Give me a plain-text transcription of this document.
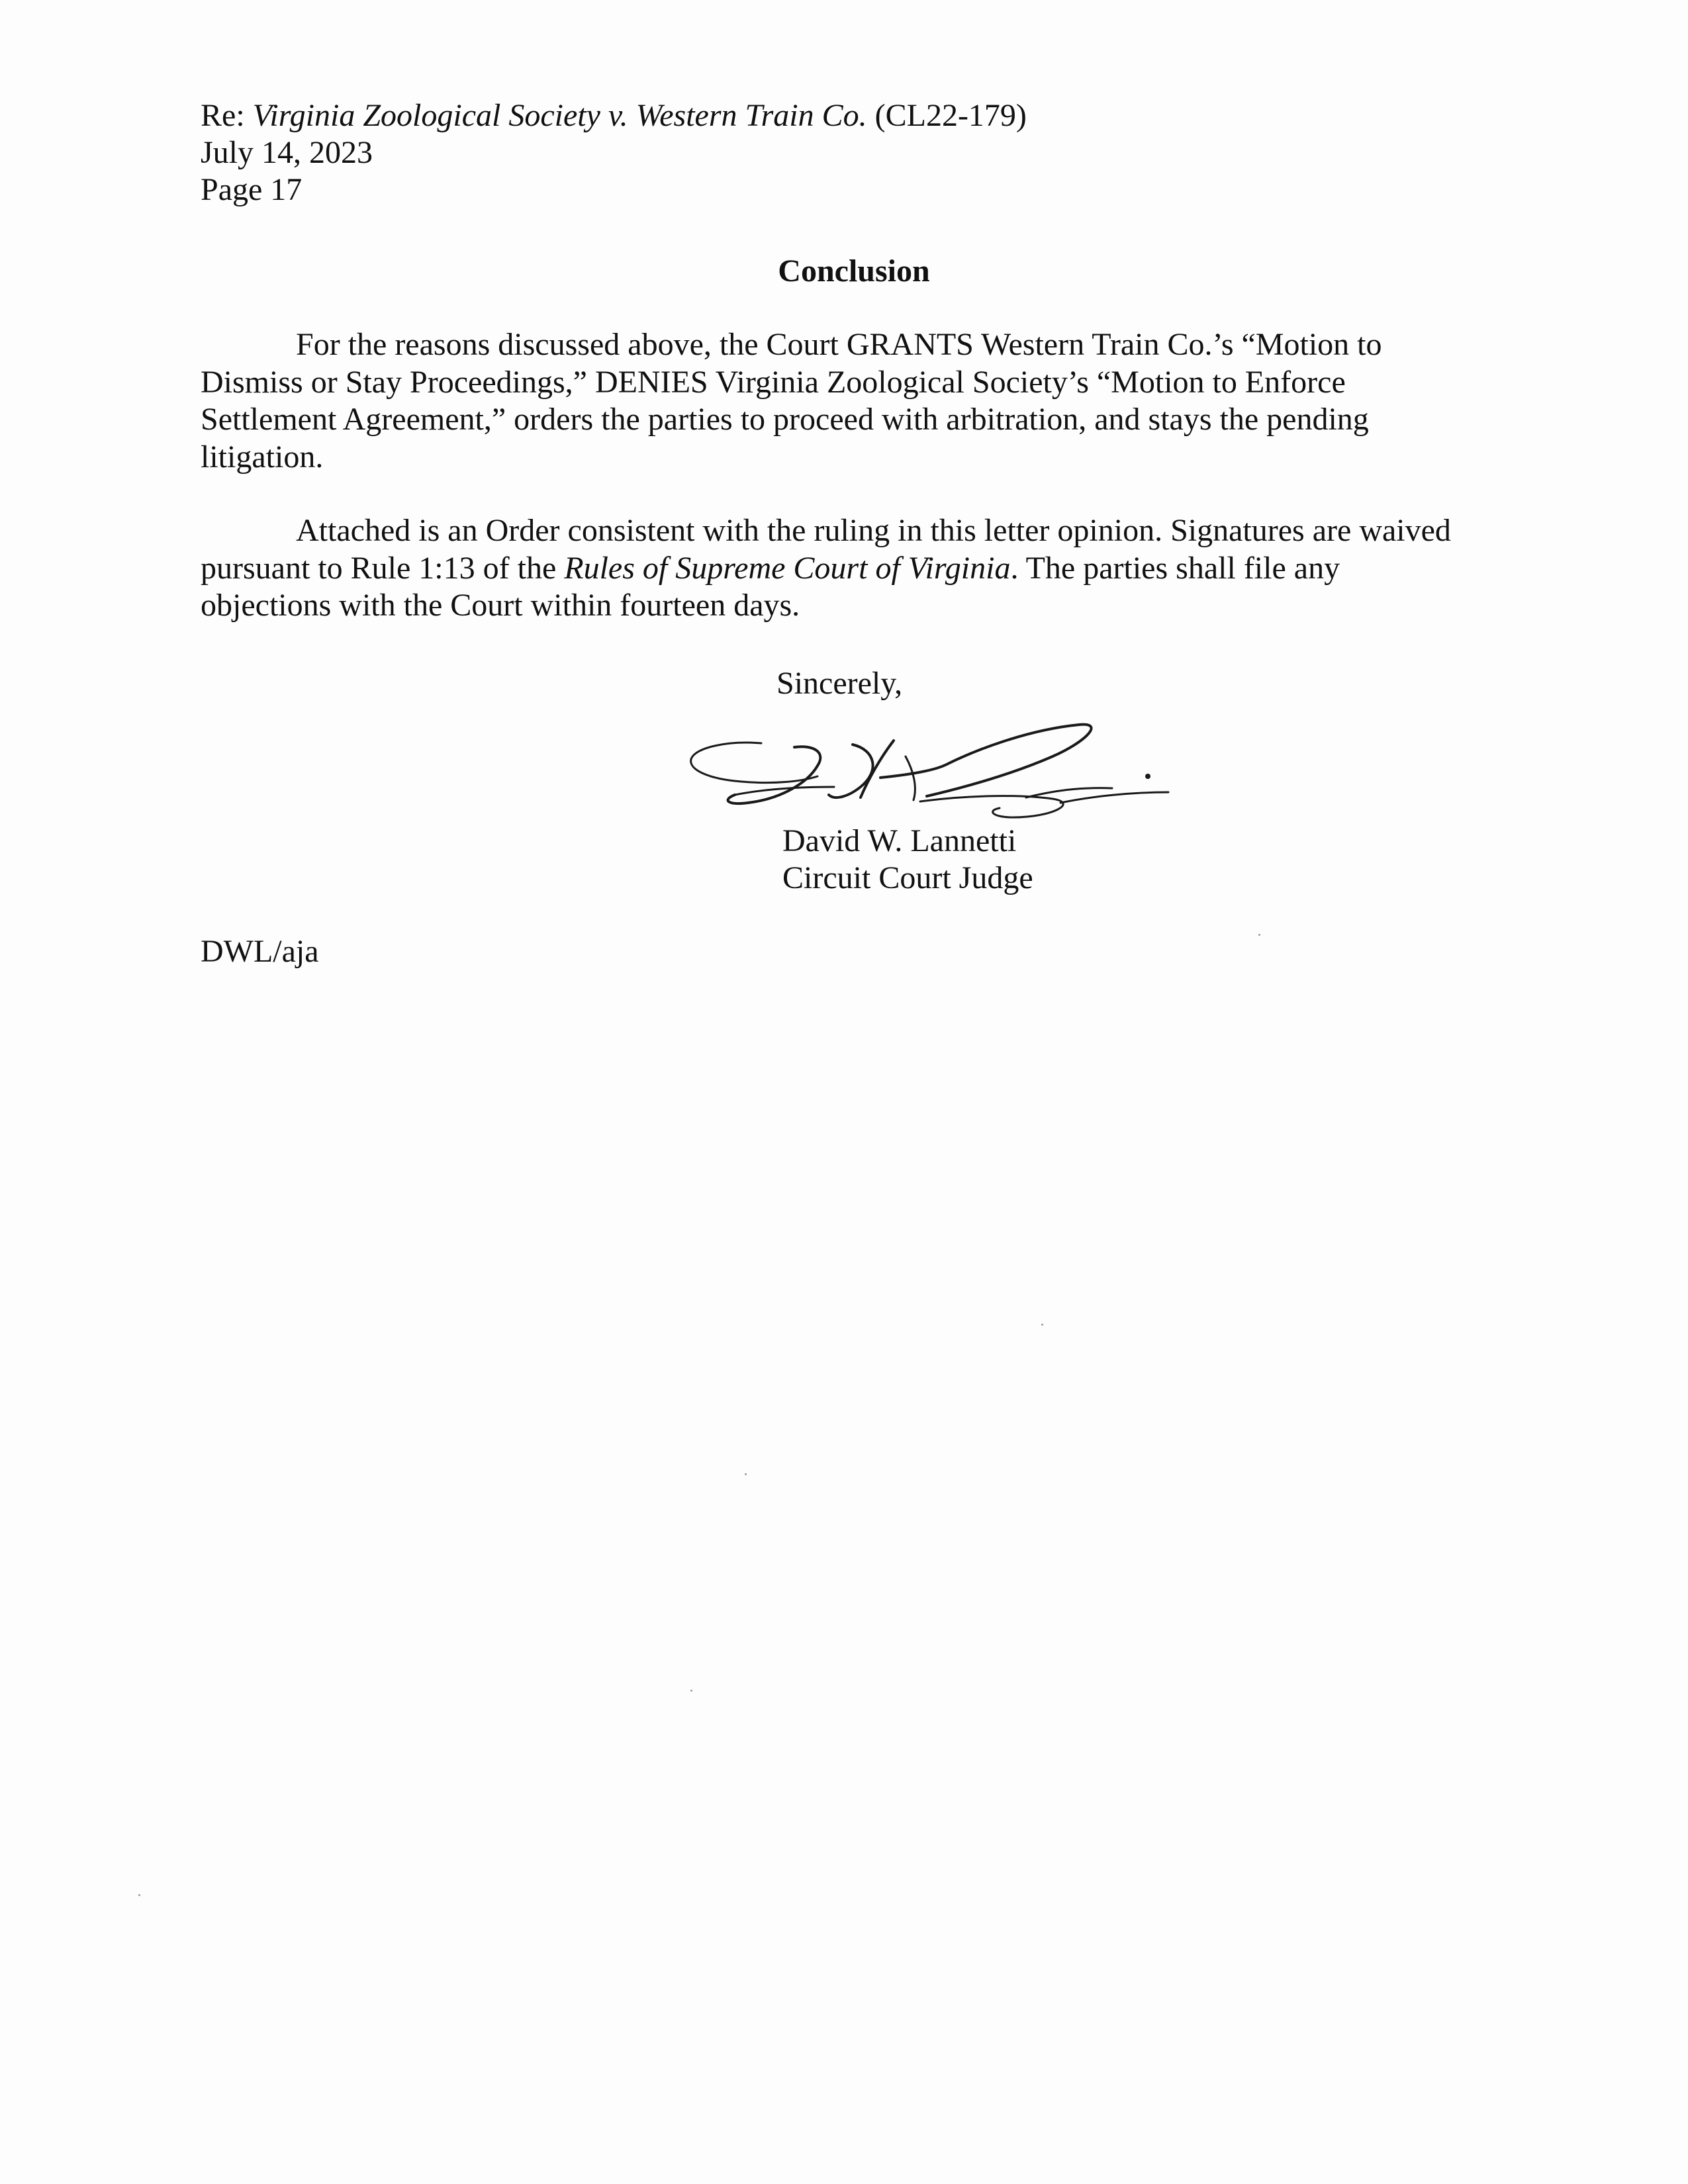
Re: Virginia Zoological Society v. Western Train Co. (CL22-179)
July 14, 2023
Page 17
Conclusion
For the reasons discussed above, the Court GRANTS Western Train Co.’s “Motion to Dismiss or Stay Proceedings,” DENIES Virginia Zoological Society’s “Motion to Enforce Settlement Agreement,” orders the parties to proceed with arbitration, and stays the pending litigation.
Attached is an Order consistent with the ruling in this letter opinion. Signatures are waived pursuant to Rule 1:13 of the Rules of Supreme Court of Virginia. The parties shall file any objections with the Court within fourteen days.
Sincerely,
David W. Lannetti
Circuit Court Judge
DWL/aja
